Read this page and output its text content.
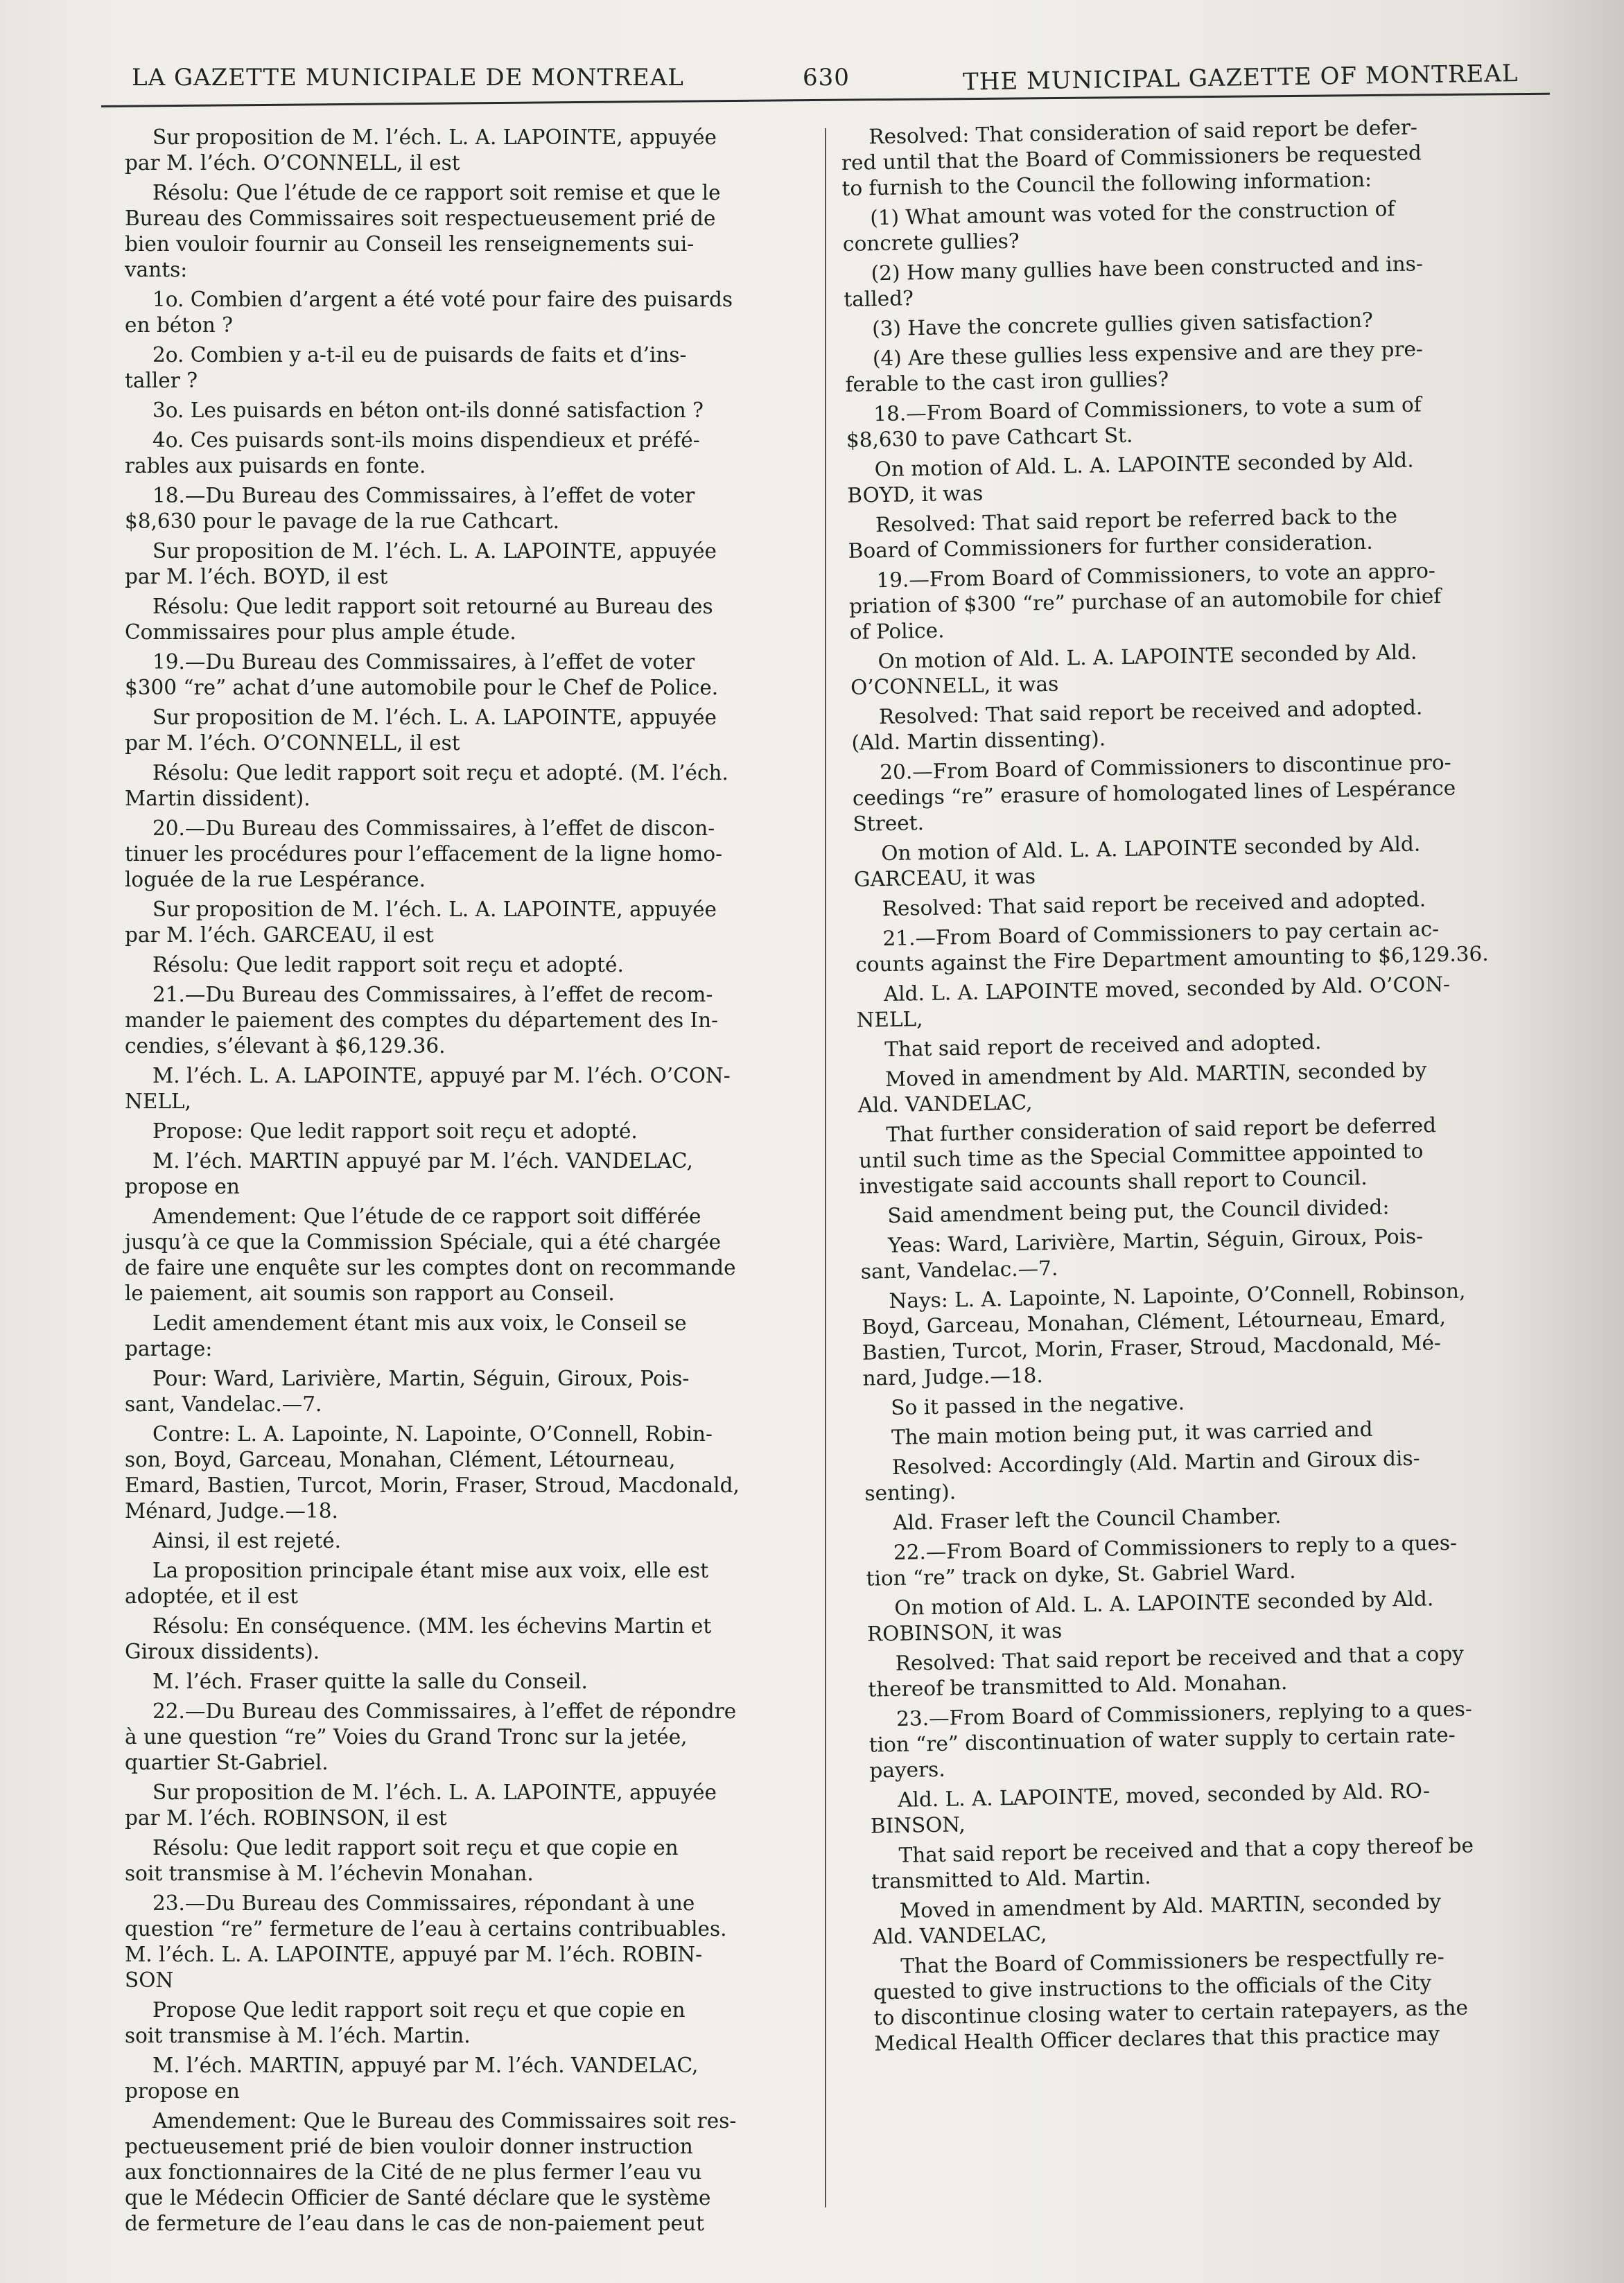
LA GAZETTE MUNICIPALE DE MONTREAL	630	THE MUNICIPAL GAZETTE OF MONTREAL

Sur proposition de M. l’éch. L. A. LAPOINTE, appuyée
par M. l’éch. O’CONNELL, il est

Résolu: Que l’étude de ce rapport soit remise et que le
Bureau des Commissaires soit respectueusement prié de
bien vouloir fournir au Conseil les renseignements sui-
vants:

1o. Combien d’argent a été voté pour faire des puisards
en béton ?

2o. Combien y a-t-il eu de puisards de faits et d’ins-
taller ?

3o. Les puisards en béton ont-ils donné satisfaction ?

4o. Ces puisards sont-ils moins dispendieux et préfé-
rables aux puisards en fonte.

18.—Du Bureau des Commissaires, à l’effet de voter
$8,630 pour le pavage de la rue Cathcart.

Sur proposition de M. l’éch. L. A. LAPOINTE, appuyée
par M. l’éch. BOYD, il est

Résolu: Que ledit rapport soit retourné au Bureau des
Commissaires pour plus ample étude.

19.—Du Bureau des Commissaires, à l’effet de voter
$300 “re” achat d’une automobile pour le Chef de Police.

Sur proposition de M. l’éch. L. A. LAPOINTE, appuyée
par M. l’éch. O’CONNELL, il est

Résolu: Que ledit rapport soit reçu et adopté. (M. l’éch.
Martin dissident).

20.—Du Bureau des Commissaires, à l’effet de discon-
tinuer les procédures pour l’effacement de la ligne homo-
loguée de la rue Lespérance.

Sur proposition de M. l’éch. L. A. LAPOINTE, appuyée
par M. l’éch. GARCEAU, il est

Résolu: Que ledit rapport soit reçu et adopté.

21.—Du Bureau des Commissaires, à l’effet de recom-
mander le paiement des comptes du département des In-
cendies, s’élevant à $6,129.36.

M. l’éch. L. A. LAPOINTE, appuyé par M. l’éch. O’CON-
NELL,

Propose: Que ledit rapport soit reçu et adopté.

M. l’éch. MARTIN appuyé par M. l’éch. VANDELAC,
propose en

Amendement: Que l’étude de ce rapport soit différée
jusqu’à ce que la Commission Spéciale, qui a été chargée
de faire une enquête sur les comptes dont on recommande
le paiement, ait soumis son rapport au Conseil.

Ledit amendement étant mis aux voix, le Conseil se
partage:

Pour: Ward, Larivière, Martin, Séguin, Giroux, Pois-
sant, Vandelac.—7.

Contre: L. A. Lapointe, N. Lapointe, O’Connell, Robin-
son, Boyd, Garceau, Monahan, Clément, Létourneau,
Emard, Bastien, Turcot, Morin, Fraser, Stroud, Macdonald,
Ménard, Judge.—18.

Ainsi, il est rejeté.

La proposition principale étant mise aux voix, elle est
adoptée, et il est

Résolu: En conséquence. (MM. les échevins Martin et
Giroux dissidents).

M. l’éch. Fraser quitte la salle du Conseil.

22.—Du Bureau des Commissaires, à l’effet de répondre
à une question “re” Voies du Grand Tronc sur la jetée,
quartier St-Gabriel.

Sur proposition de M. l’éch. L. A. LAPOINTE, appuyée
par M. l’éch. ROBINSON, il est

Résolu: Que ledit rapport soit reçu et que copie en
soit transmise à M. l’échevin Monahan.

23.—Du Bureau des Commissaires, répondant à une
question “re” fermeture de l’eau à certains contribuables.
M. l’éch. L. A. LAPOINTE, appuyé par M. l’éch. ROBIN-
SON

Propose Que ledit rapport soit reçu et que copie en
soit transmise à M. l’éch. Martin.

M. l’éch. MARTIN, appuyé par M. l’éch. VANDELAC,
propose en

Amendement: Que le Bureau des Commissaires soit res-
pectueusement prié de bien vouloir donner instruction
aux fonctionnaires de la Cité de ne plus fermer l’eau vu
que le Médecin Officier de Santé déclare que le système
de fermeture de l’eau dans le cas de non-paiement peut

Resolved: That consideration of said report be defer-
red until that the Board of Commissioners be requested
to furnish to the Council the following information:

(1) What amount was voted for the construction of
concrete gullies?

(2) How many gullies have been constructed and ins-
talled?

(3) Have the concrete gullies given satisfaction?

(4) Are these gullies less expensive and are they pre-
ferable to the cast iron gullies?

18.—From Board of Commissioners, to vote a sum of
$8,630 to pave Cathcart St.

On motion of Ald. L. A. LAPOINTE seconded by Ald.
BOYD, it was

Resolved: That said report be referred back to the
Board of Commissioners for further consideration.

19.—From Board of Commissioners, to vote an appro-
priation of $300 “re” purchase of an automobile for chief
of Police.

On motion of Ald. L. A. LAPOINTE seconded by Ald.
O’CONNELL, it was

Resolved: That said report be received and adopted.
(Ald. Martin dissenting).

20.—From Board of Commissioners to discontinue pro-
ceedings “re” erasure of homologated lines of Lespérance
Street.

On motion of Ald. L. A. LAPOINTE seconded by Ald.
GARCEAU, it was

Resolved: That said report be received and adopted.

21.—From Board of Commissioners to pay certain ac-
counts against the Fire Department amounting to $6,129.36.

Ald. L. A. LAPOINTE moved, seconded by Ald. O’CON-
NELL,

That said report de received and adopted.

Moved in amendment by Ald. MARTIN, seconded by
Ald. VANDELAC,

That further consideration of said report be deferred
until such time as the Special Committee appointed to
investigate said accounts shall report to Council.

Said amendment being put, the Council divided:

Yeas: Ward, Larivière, Martin, Séguin, Giroux, Pois-
sant, Vandelac.—7.

Nays: L. A. Lapointe, N. Lapointe, O’Connell, Robinson,
Boyd, Garceau, Monahan, Clément, Létourneau, Emard,
Bastien, Turcot, Morin, Fraser, Stroud, Macdonald, Mé-
nard, Judge.—18.

So it passed in the negative.

The main motion being put, it was carried and

Resolved: Accordingly (Ald. Martin and Giroux dis-
senting).

Ald. Fraser left the Council Chamber.

22.—From Board of Commissioners to reply to a ques-
tion “re” track on dyke, St. Gabriel Ward.

On motion of Ald. L. A. LAPOINTE seconded by Ald.
ROBINSON, it was

Resolved: That said report be received and that a copy
thereof be transmitted to Ald. Monahan.

23.—From Board of Commissioners, replying to a ques-
tion “re” discontinuation of water supply to certain rate-
payers.

Ald. L. A. LAPOINTE, moved, seconded by Ald. RO-
BINSON,

That said report be received and that a copy thereof be
transmitted to Ald. Martin.

Moved in amendment by Ald. MARTIN, seconded by
Ald. VANDELAC,

That the Board of Commissioners be respectfully re-
quested to give instructions to the officials of the City
to discontinue closing water to certain ratepayers, as the
Medical Health Officer declares that this practice may
